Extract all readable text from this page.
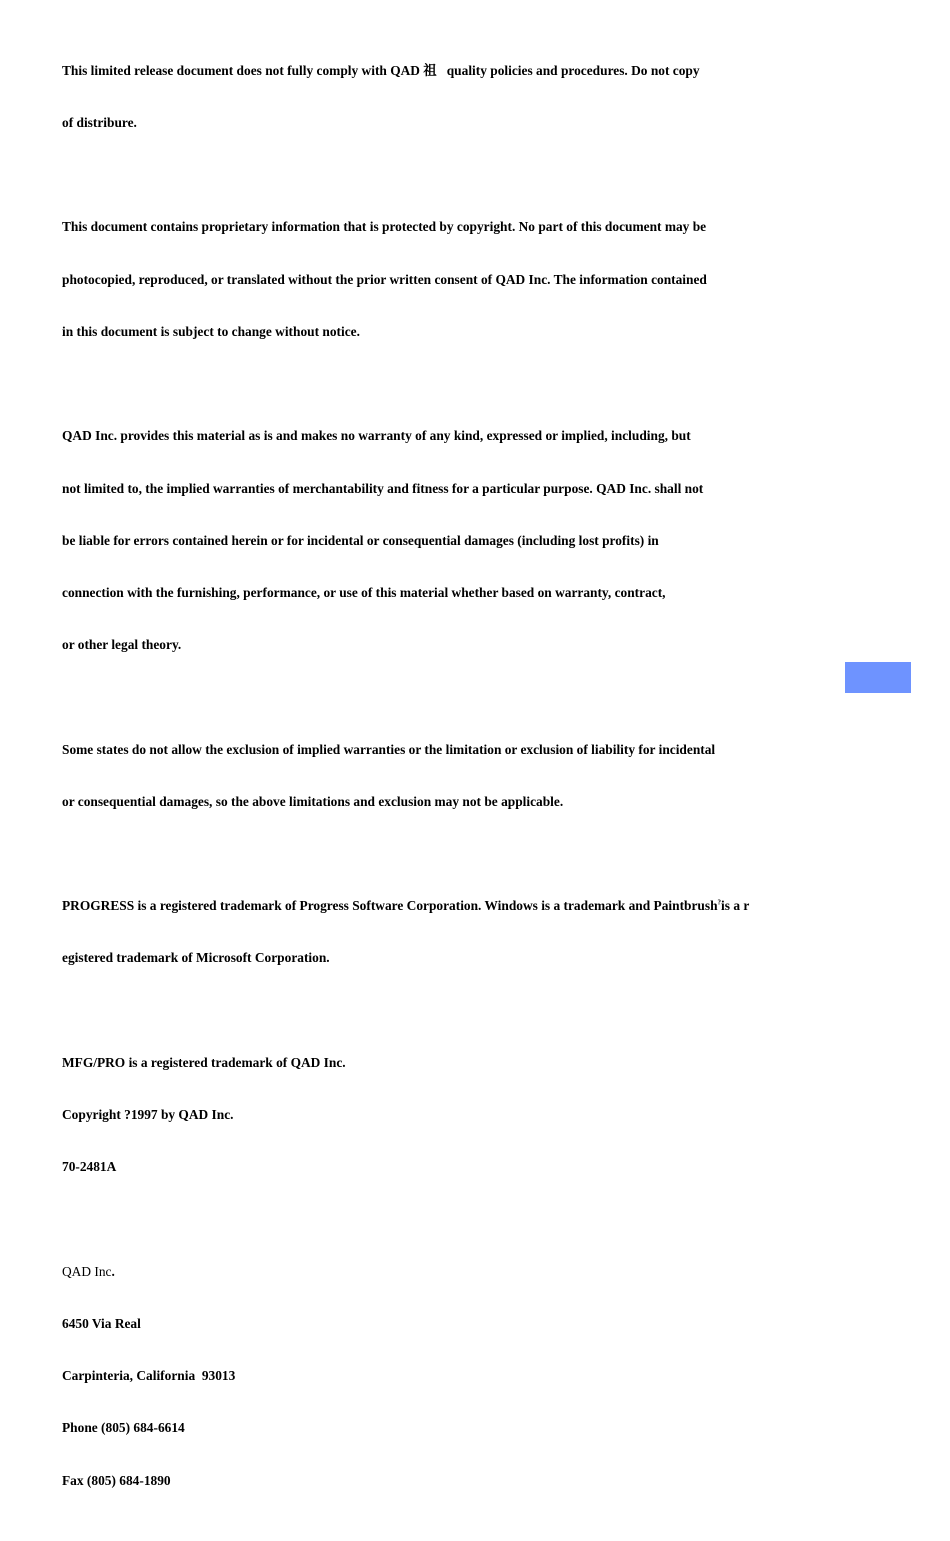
This limited release document does not fully comply with QAD 祖   quality policies and procedures. Do not copy

of distribure.

This document contains proprietary information that is protected by copyright. No part of this document may be

photocopied, reproduced, or translated without the prior written consent of QAD Inc. The information contained

in this document is subject to change without notice.

QAD Inc. provides this material as is and makes no warranty of any kind, expressed or implied, including, but

not limited to, the implied warranties of merchantability and fitness for a particular purpose. QAD Inc. shall not

be liable for errors contained herein or for incidental or consequential damages (including lost profits) in

connection with the furnishing, performance, or use of this material whether based on warranty, contract,

or other legal theory.

Some states do not allow the exclusion of implied warranties or the limitation or exclusion of liability for incidental

or consequential damages, so the above limitations and exclusion may not be applicable.

PROGRESS is a registered trademark of Progress Software Corporation. Windows is a trademark and Paintbrush?is a r

egistered trademark of Microsoft Corporation.

MFG/PRO is a registered trademark of QAD Inc.

Copyright ?1997 by QAD Inc.

70-2481A

QAD Inc.

6450 Via Real

Carpinteria, California  93013

Phone (805) 684-6614

Fax (805) 684-1890
